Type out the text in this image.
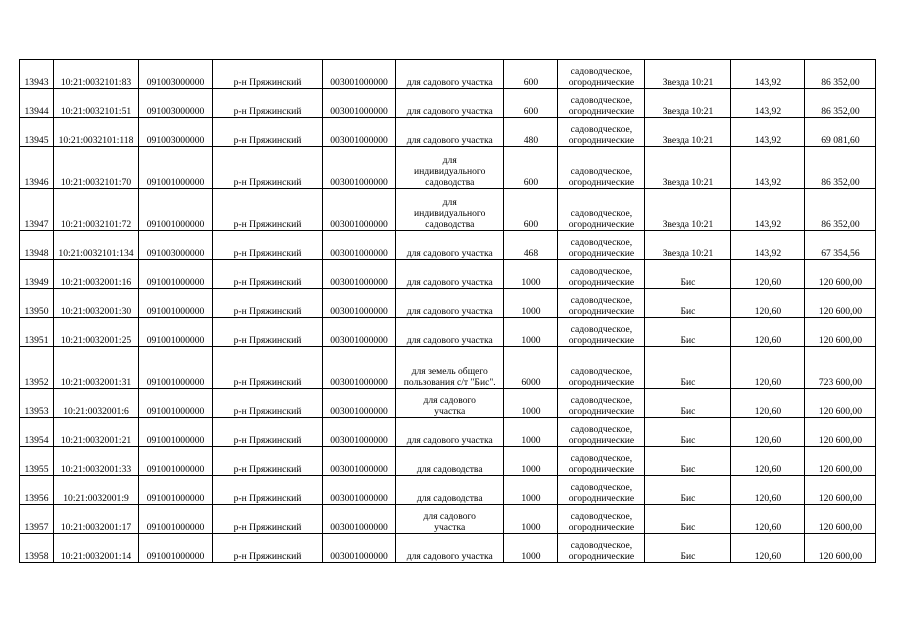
13943	10:21:0032101:83	091003000000	р-н Пряжинский	003001000000	для садового участка	600	садоводческое, огороднические	Звезда 10:21	143,92	86 352,00
13944	10:21:0032101:51	091003000000	р-н Пряжинский	003001000000	для садового участка	600	садоводческое, огороднические	Звезда 10:21	143,92	86 352,00
13945	10:21:0032101:118	091003000000	р-н Пряжинский	003001000000	для садового участка	480	садоводческое, огороднические	Звезда 10:21	143,92	69 081,60
13946	10:21:0032101:70	091001000000	р-н Пряжинский	003001000000	для индивидуального садоводства	600	садоводческое, огороднические	Звезда 10:21	143,92	86 352,00
13947	10:21:0032101:72	091001000000	р-н Пряжинский	003001000000	для индивидуального садоводства	600	садоводческое, огороднические	Звезда 10:21	143,92	86 352,00
13948	10:21:0032101:134	091003000000	р-н Пряжинский	003001000000	для садового участка	468	садоводческое, огороднические	Звезда 10:21	143,92	67 354,56
13949	10:21:0032001:16	091001000000	р-н Пряжинский	003001000000	для садового участка	1000	садоводческое, огороднические	Бис	120,60	120 600,00
13950	10:21:0032001:30	091001000000	р-н Пряжинский	003001000000	для садового участка	1000	садоводческое, огороднические	Бис	120,60	120 600,00
13951	10:21:0032001:25	091001000000	р-н Пряжинский	003001000000	для садового участка	1000	садоводческое, огороднические	Бис	120,60	120 600,00
13952	10:21:0032001:31	091001000000	р-н Пряжинский	003001000000	для земель общего пользования с/т "Бис".	6000	садоводческое, огороднические	Бис	120,60	723 600,00
13953	10:21:0032001:6	091001000000	р-н Пряжинский	003001000000	для садового участка	1000	садоводческое, огороднические	Бис	120,60	120 600,00
13954	10:21:0032001:21	091001000000	р-н Пряжинский	003001000000	для садового участка	1000	садоводческое, огороднические	Бис	120,60	120 600,00
13955	10:21:0032001:33	091001000000	р-н Пряжинский	003001000000	для садоводства	1000	садоводческое, огороднические	Бис	120,60	120 600,00
13956	10:21:0032001:9	091001000000	р-н Пряжинский	003001000000	для садоводства	1000	садоводческое, огороднические	Бис	120,60	120 600,00
13957	10:21:0032001:17	091001000000	р-н Пряжинский	003001000000	для садового участка	1000	садоводческое, огороднические	Бис	120,60	120 600,00
13958	10:21:0032001:14	091001000000	р-н Пряжинский	003001000000	для садового участка	1000	садоводческое, огороднические	Бис	120,60	120 600,00
